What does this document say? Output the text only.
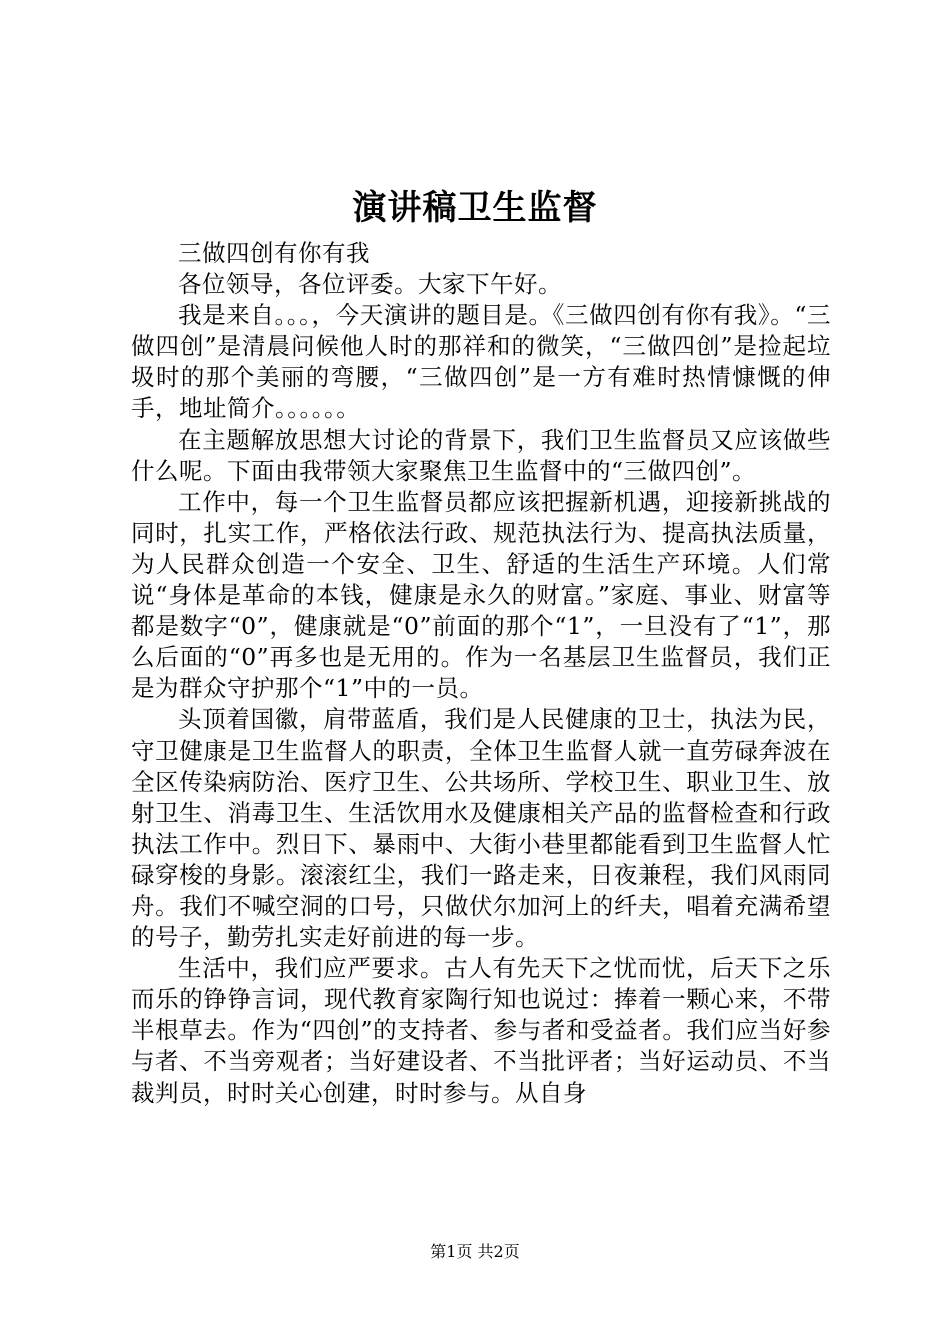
演讲稿卫生监督

三做四创有你有我

各位领导，各位评委。大家下午好。

我是来自。。。，今天演讲的题目是。《三做四创有你有我》。“三做四创”是清晨问候他人时的那祥和的微笑，“三做四创”是捡起垃圾时的那个美丽的弯腰，“三做四创”是一方有难时热情慷慨的伸手，地址简介。。。。。。

在主题解放思想大讨论的背景下，我们卫生监督员又应该做些什么呢。下面由我带领大家聚焦卫生监督中的“三做四创”。

工作中，每一个卫生监督员都应该把握新机遇，迎接新挑战的同时，扎实工作，严格依法行政、规范执法行为、提高执法质量，为人民群众创造一个安全、卫生、舒适的生活生产环境。人们常说“身体是革命的本钱，健康是永久的财富。”家庭、事业、财富等都是数字“0”，健康就是“0”前面的那个“1”，一旦没有了“1”，那么后面的“0”再多也是无用的。作为一名基层卫生监督员，我们正是为群众守护那个“1”中的一员。

头顶着国徽，肩带蓝盾，我们是人民健康的卫士，执法为民，守卫健康是卫生监督人的职责，全体卫生监督人就一直劳碌奔波在全区传染病防治、医疗卫生、公共场所、学校卫生、职业卫生、放射卫生、消毒卫生、生活饮用水及健康相关产品的监督检查和行政执法工作中。烈日下、暴雨中、大街小巷里都能看到卫生监督人忙碌穿梭的身影。滚滚红尘，我们一路走来，日夜兼程，我们风雨同舟。我们不喊空洞的口号，只做伏尔加河上的纤夫，唱着充满希望的号子，勤劳扎实走好前进的每一步。

生活中，我们应严要求。古人有先天下之忧而忧，后天下之乐而乐的铮铮言词，现代教育家陶行知也说过：捧着一颗心来，不带半根草去。作为“四创”的支持者、参与者和受益者。我们应当好参与者、不当旁观者；当好建设者、不当批评者；当好运动员、不当裁判员，时时关心创建，时时参与。从自身

第1页 共2页
